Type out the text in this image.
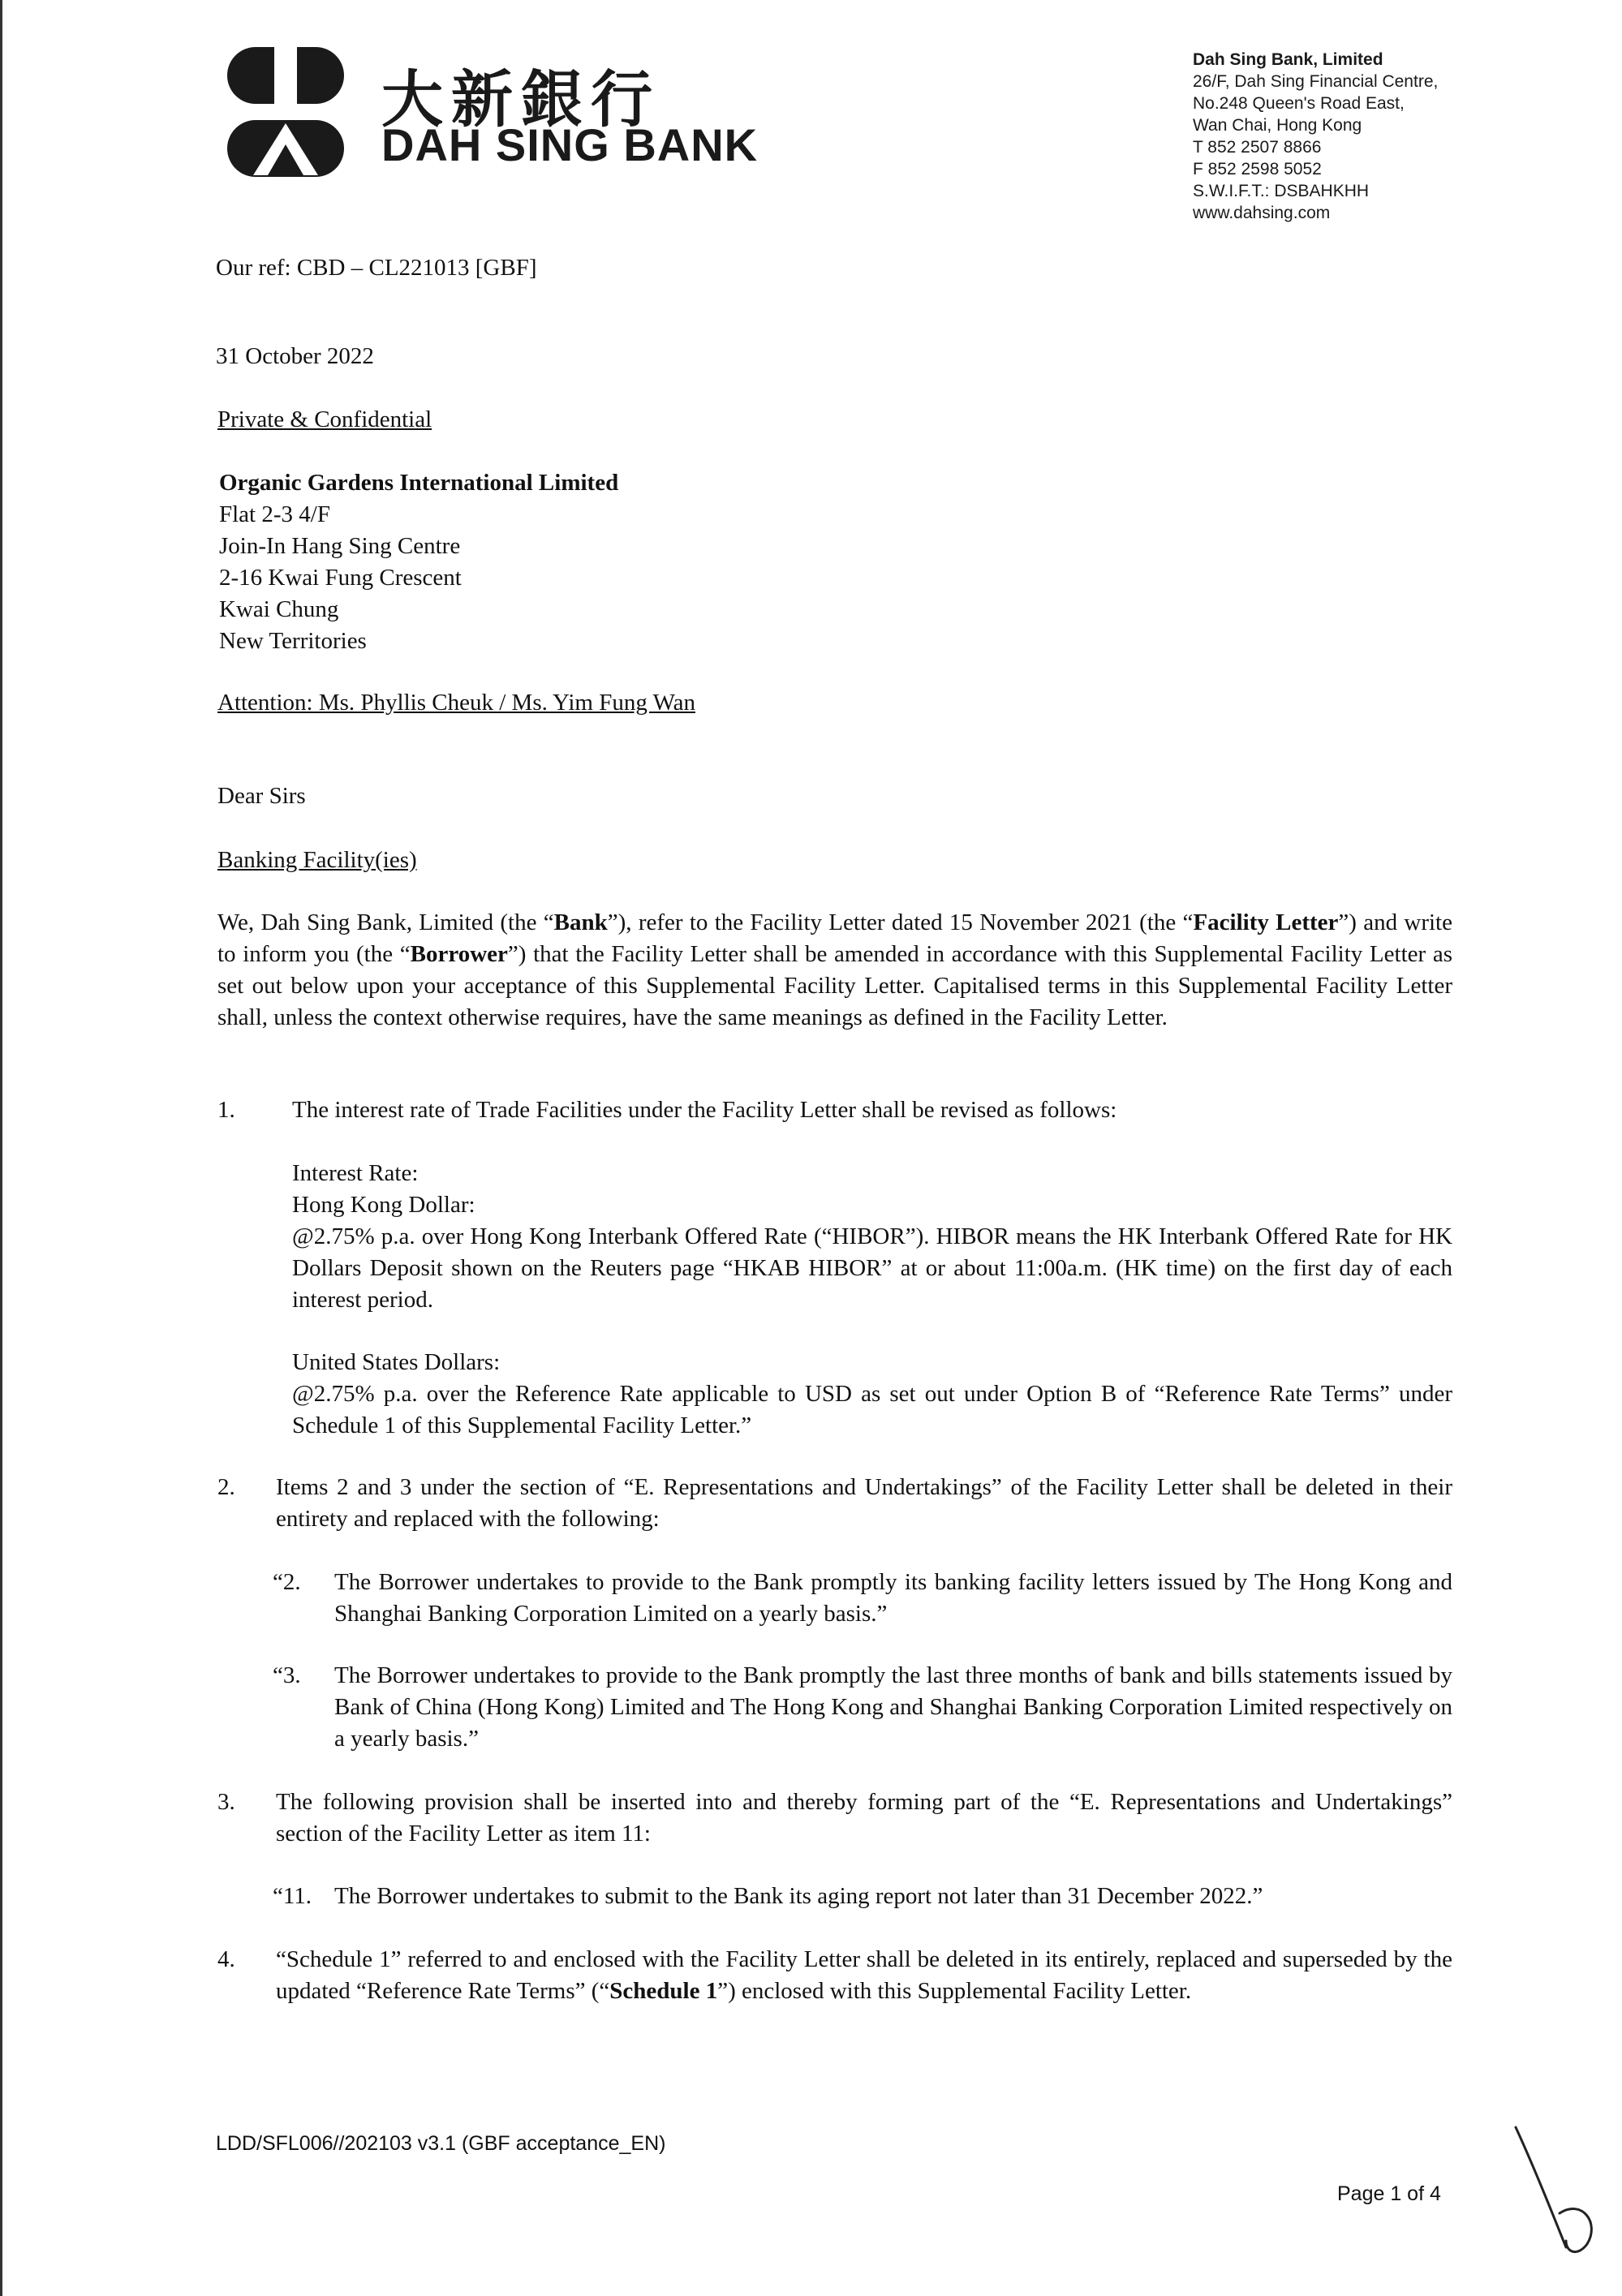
大新銀行
DAH SING BANK
Dah Sing Bank, Limited
26/F, Dah Sing Financial Centre,
No.248 Queen's Road East,
Wan Chai, Hong Kong
T 852 2507 8866
F 852 2598 5052
S.W.I.F.T.: DSBAHKHH
www.dahsing.com
Our ref: CBD – CL221013 [GBF]
31 October 2022
Private & Confidential
Organic Gardens International Limited
Flat 2-3 4/F
Join-In Hang Sing Centre
2-16 Kwai Fung Crescent
Kwai Chung
New Territories
Attention: Ms. Phyllis Cheuk / Ms. Yim Fung Wan
Dear Sirs
Banking Facility(ies)
We, Dah Sing Bank, Limited (the “Bank”), refer to the Facility Letter dated 15 November 2021 (the “Facility Letter”) and write to inform you (the “Borrower”) that the Facility Letter shall be amended in accordance with this Supplemental Facility Letter as set out below upon your acceptance of this Supplemental Facility Letter. Capitalised terms in this Supplemental Facility Letter shall, unless the context otherwise requires, have the same meanings as defined in the Facility Letter.
1. The interest rate of Trade Facilities under the Facility Letter shall be revised as follows:
Interest Rate:
Hong Kong Dollar:
@2.75% p.a. over Hong Kong Interbank Offered Rate (“HIBOR”). HIBOR means the HK Interbank Offered Rate for HK Dollars Deposit shown on the Reuters page “HKAB HIBOR” at or about 11:00a.m. (HK time) on the first day of each interest period.
United States Dollars:
@2.75% p.a. over the Reference Rate applicable to USD as set out under Option B of “Reference Rate Terms” under Schedule 1 of this Supplemental Facility Letter.”
2. Items 2 and 3 under the section of “E. Representations and Undertakings” of the Facility Letter shall be deleted in their entirety and replaced with the following:
“2. The Borrower undertakes to provide to the Bank promptly its banking facility letters issued by The Hong Kong and Shanghai Banking Corporation Limited on a yearly basis.”
“3. The Borrower undertakes to provide to the Bank promptly the last three months of bank and bills statements issued by Bank of China (Hong Kong) Limited and The Hong Kong and Shanghai Banking Corporation Limited respectively on a yearly basis.”
3. The following provision shall be inserted into and thereby forming part of the “E. Representations and Undertakings” section of the Facility Letter as item 11:
“11. The Borrower undertakes to submit to the Bank its aging report not later than 31 December 2022.”
4. “Schedule 1” referred to and enclosed with the Facility Letter shall be deleted in its entirely, replaced and superseded by the updated “Reference Rate Terms” (“Schedule 1”) enclosed with this Supplemental Facility Letter.
LDD/SFL006//202103 v3.1 (GBF acceptance_EN)
Page 1 of 4
